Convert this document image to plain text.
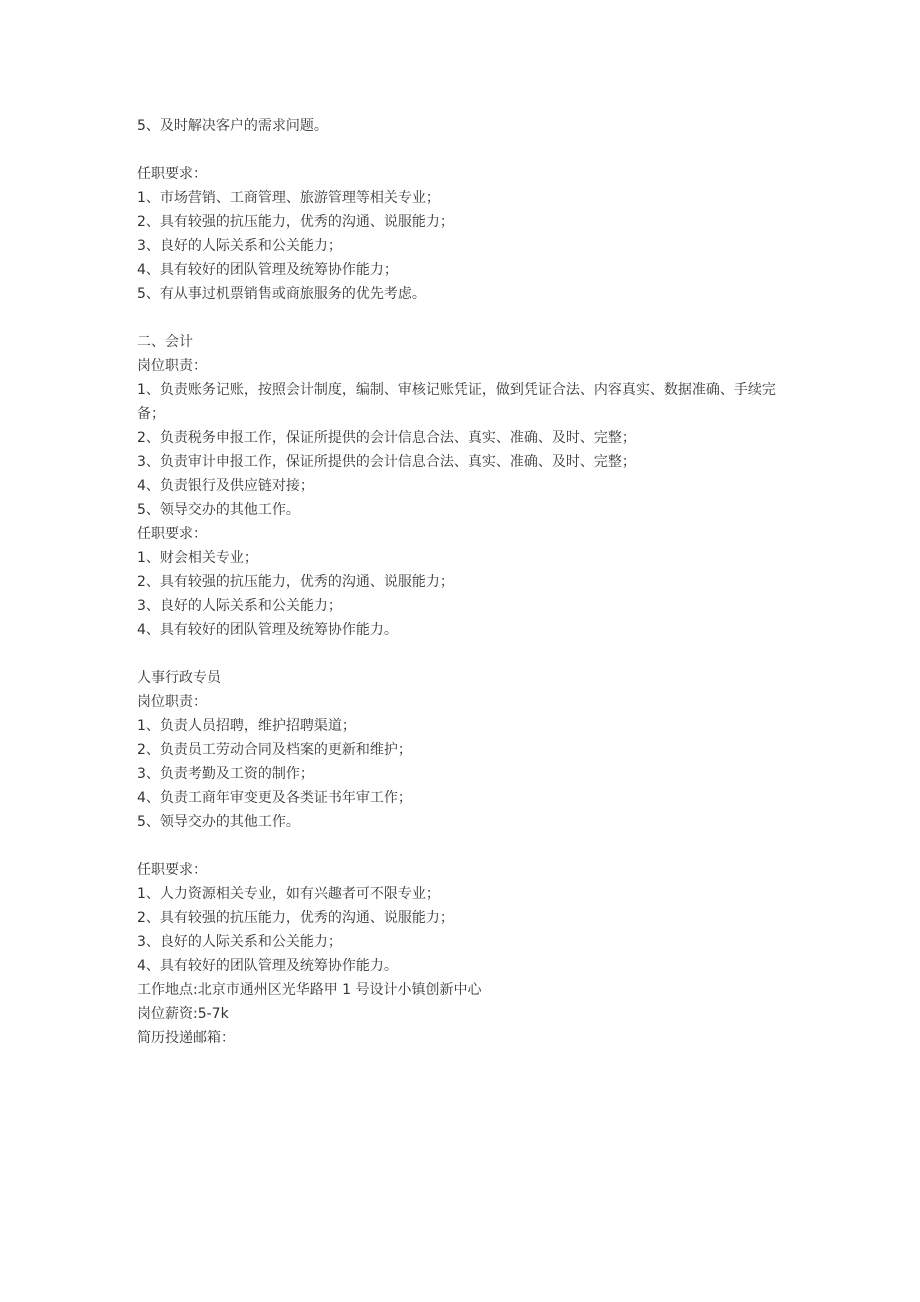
5、及时解决客户的需求问题。
任职要求：
1、市场营销、工商管理、旅游管理等相关专业；
2、具有较强的抗压能力，优秀的沟通、说服能力；
3、良好的人际关系和公关能力；
4、具有较好的团队管理及统筹协作能力；
5、有从事过机票销售或商旅服务的优先考虑。
二、会计
岗位职责：
1、负责账务记账，按照会计制度，编制、审核记账凭证，做到凭证合法、内容真实、数据准确、手续完备；
2、负责税务申报工作，保证所提供的会计信息合法、真实、准确、及时、完整；
3、负责审计申报工作，保证所提供的会计信息合法、真实、准确、及时、完整；
4、负责银行及供应链对接；
5、领导交办的其他工作。
任职要求：
1、财会相关专业；
2、具有较强的抗压能力，优秀的沟通、说服能力；
3、良好的人际关系和公关能力；
4、具有较好的团队管理及统筹协作能力。
人事行政专员
岗位职责：
1、负责人员招聘，维护招聘渠道；
2、负责员工劳动合同及档案的更新和维护；
3、负责考勤及工资的制作；
4、负责工商年审变更及各类证书年审工作；
5、领导交办的其他工作。
任职要求：
1、人力资源相关专业，如有兴趣者可不限专业；
2、具有较强的抗压能力，优秀的沟通、说服能力；
3、良好的人际关系和公关能力；
4、具有较好的团队管理及统筹协作能力。
工作地点:北京市通州区光华路甲 1 号设计小镇创新中心
岗位薪资:5-7k
简历投递邮箱：
